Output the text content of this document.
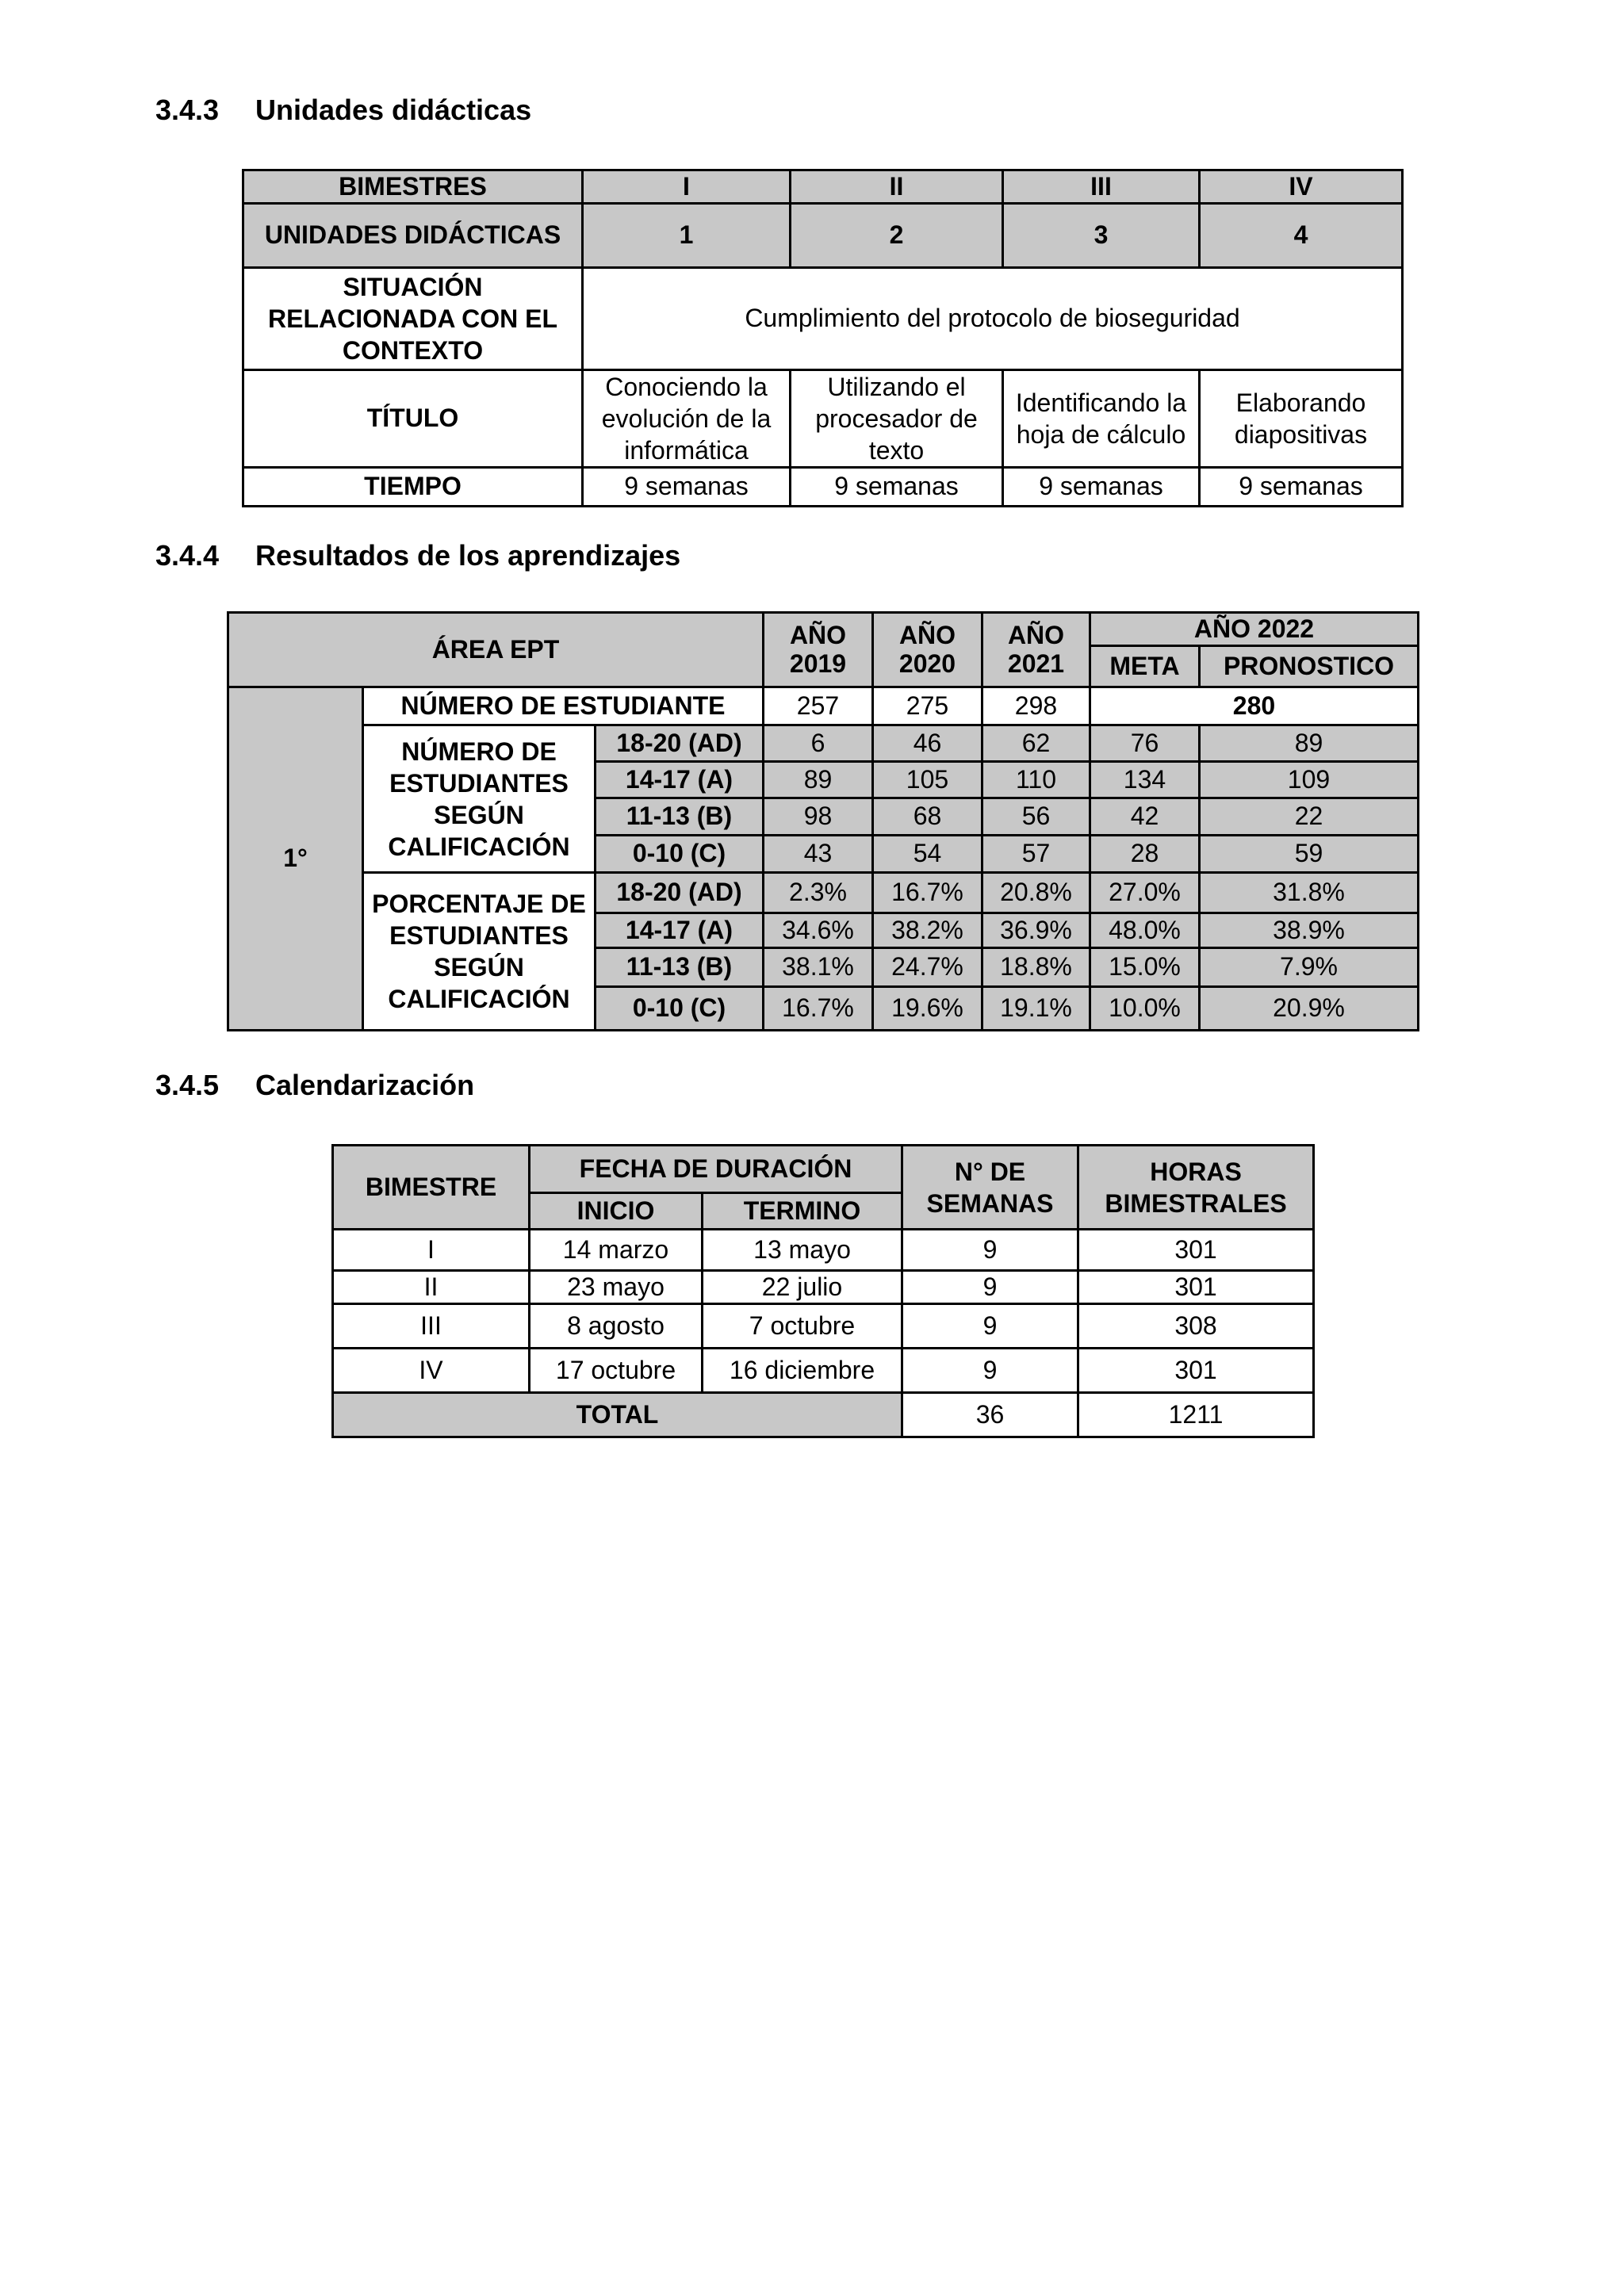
3.4.3 Unidades didácticas
BIMESTRES	I	II	III	IV
UNIDADES DIDÁCTICAS	1	2	3	4
SITUACIÓN RELACIONADA CON EL CONTEXTO	Cumplimiento del protocolo de bioseguridad			
TÍTULO	Conociendo la evolución de la informática	Utilizando el procesador de texto	Identificando la hoja de cálculo	Elaborando diapositivas
TIEMPO	9 semanas	9 semanas	9 semanas	9 semanas
3.4.4 Resultados de los aprendizajes
ÁREA EPT			AÑO 2019	AÑO 2020	AÑO 2021	AÑO 2022	
						META	PRONOSTICO
1°	NÚMERO DE ESTUDIANTE		257	275	298	280	
	NÚMERO DE ESTUDIANTES SEGÚN CALIFICACIÓN	18-20 (AD)	6	46	62	76	89
		14-17 (A)	89	105	110	134	109
		11-13 (B)	98	68	56	42	22
		0-10 (C)	43	54	57	28	59
	PORCENTAJE DE ESTUDIANTES SEGÚN CALIFICACIÓN	18-20 (AD)	2.3%	16.7%	20.8%	27.0%	31.8%
		14-17 (A)	34.6%	38.2%	36.9%	48.0%	38.9%
		11-13 (B)	38.1%	24.7%	18.8%	15.0%	7.9%
		0-10 (C)	16.7%	19.6%	19.1%	10.0%	20.9%
3.4.5 Calendarización
BIMESTRE	FECHA DE DURACIÓN		N° DE SEMANAS	HORAS BIMESTRALES
	INICIO	TERMINO		
I	14 marzo	13 mayo	9	301
II	23 mayo	22 julio	9	301
III	8 agosto	7 octubre	9	308
IV	17 octubre	16 diciembre	9	301
TOTAL			36	1211
